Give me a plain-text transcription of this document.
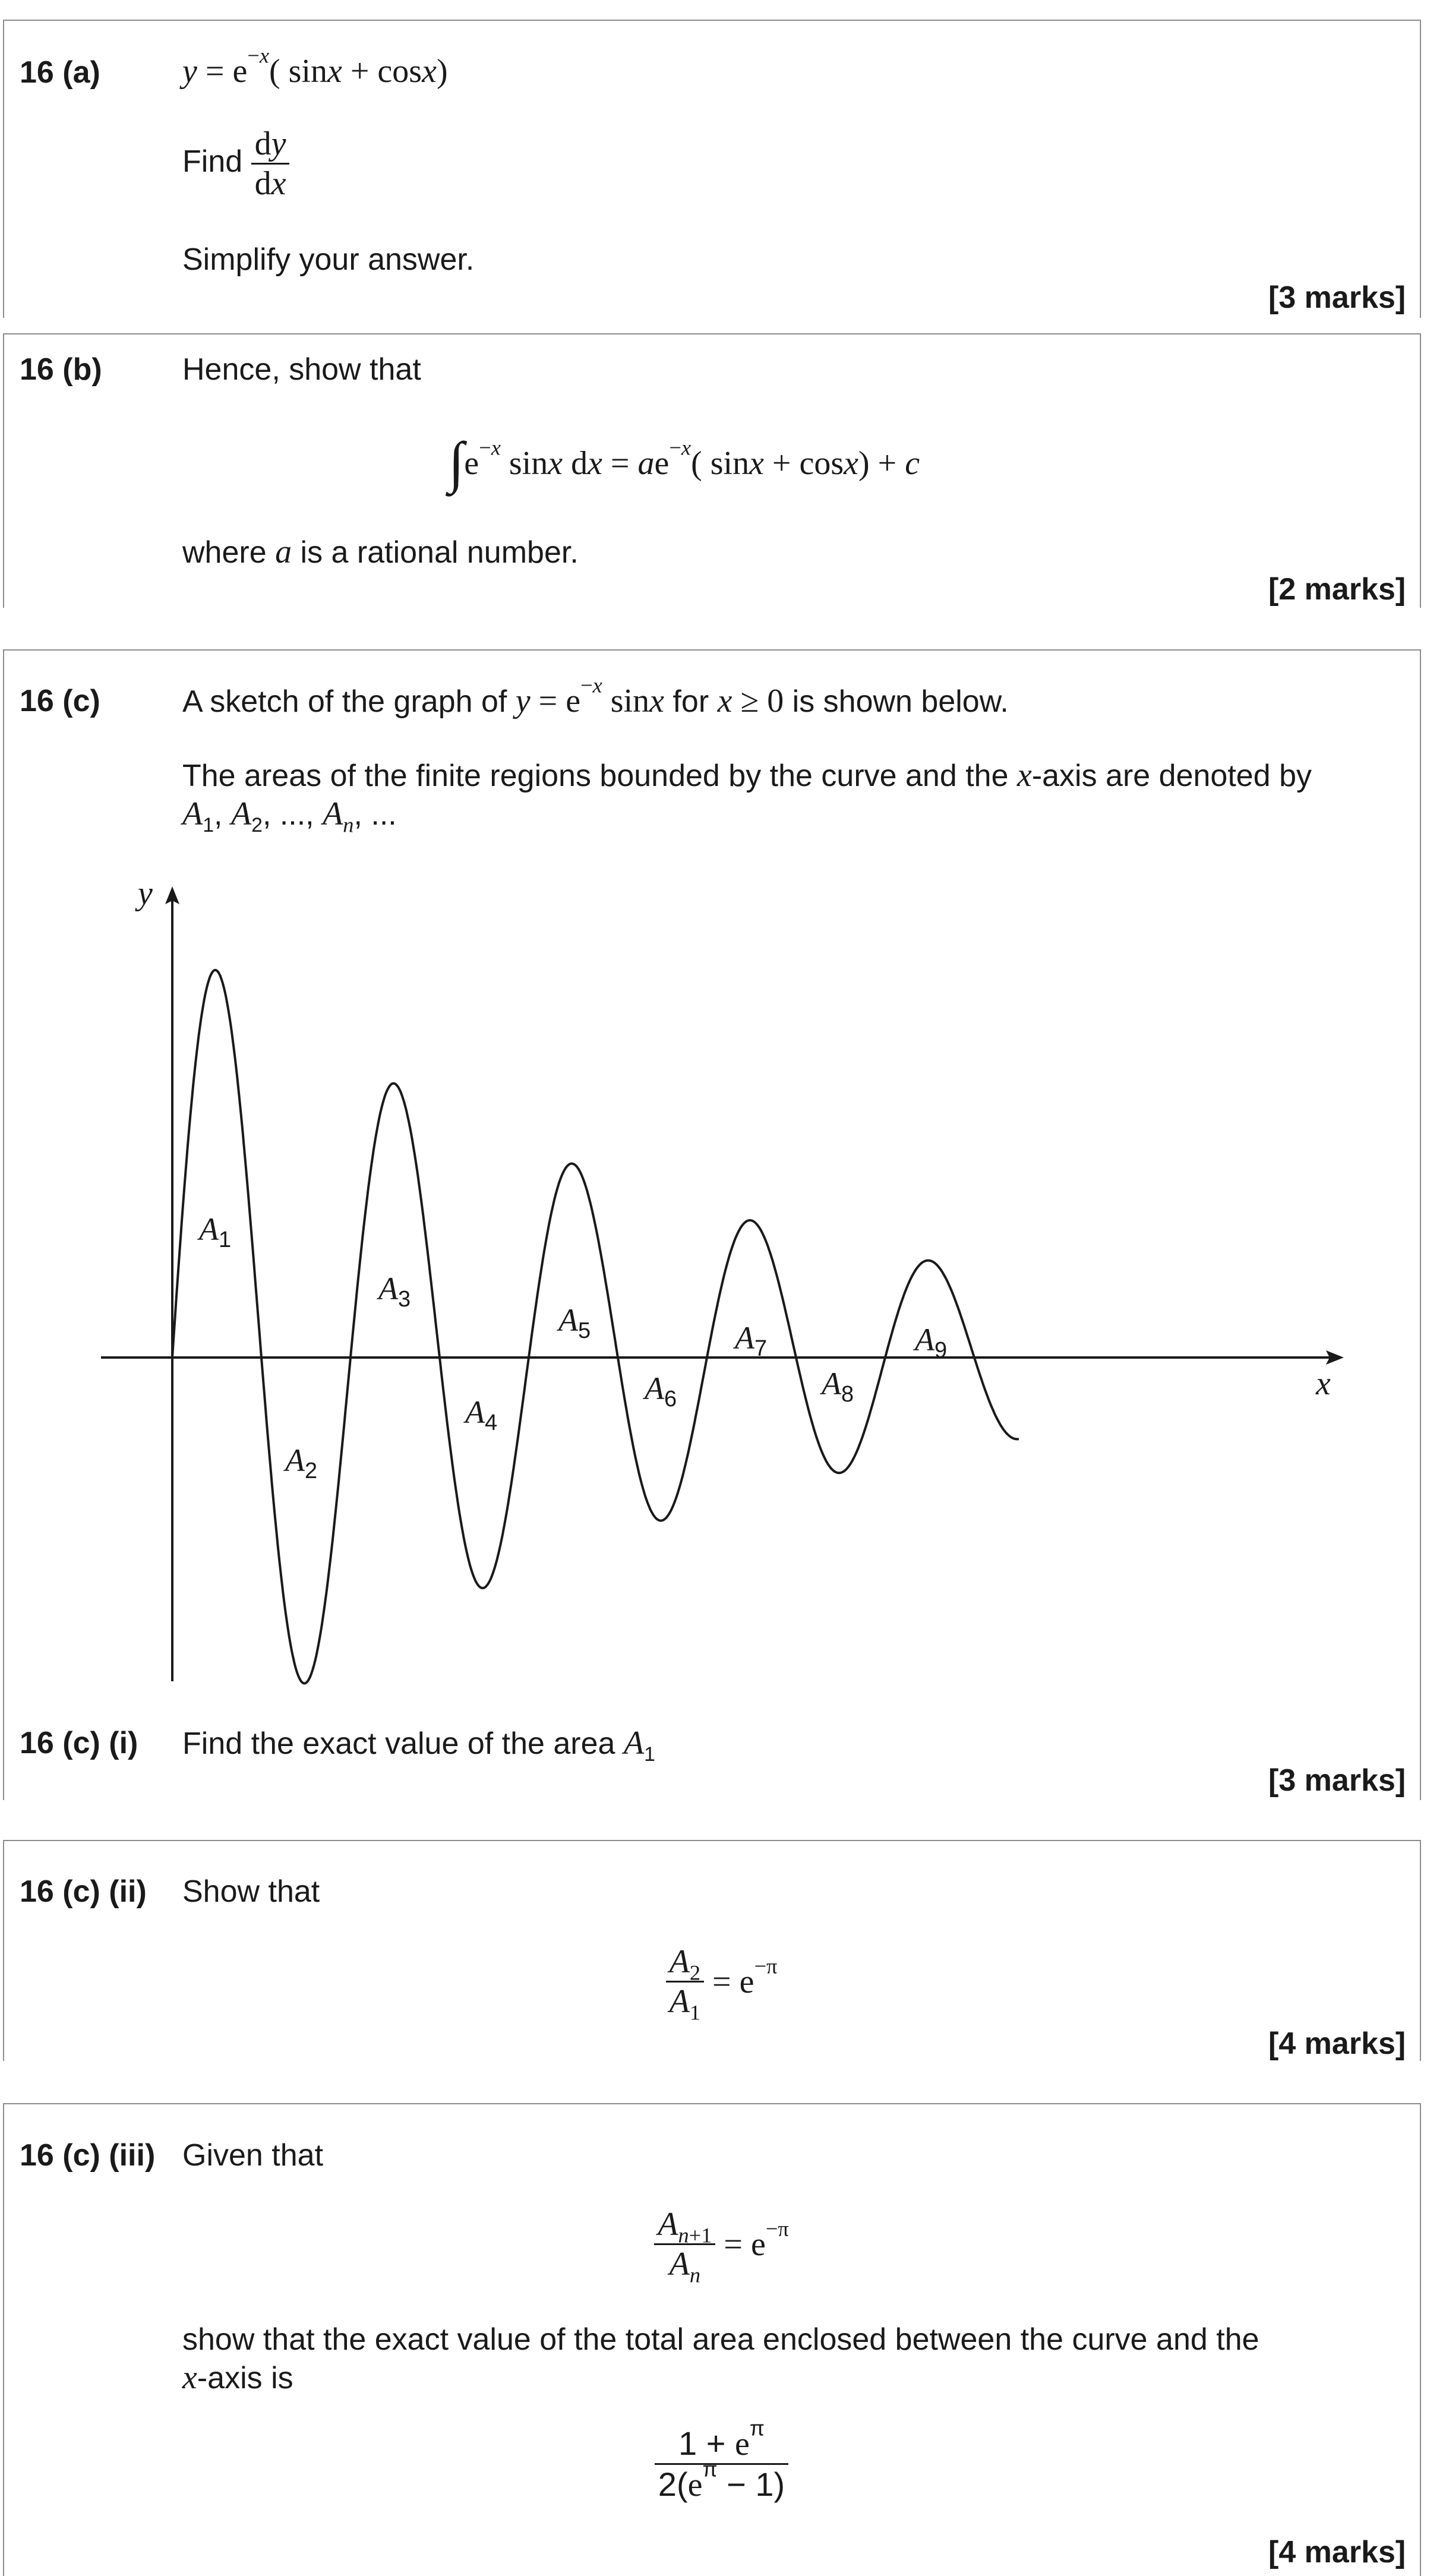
16 (a) $y = e^{-x}$( sinx + cosx)
Find $\frac{dy}{dx}$
Simplify your answer.
[3 marks]
16 (b)	Hence, show that
$\int e^{-x}$ sinx dx = $ae^{-x}$( sinx + cosx) + c
where a is a rational number.
[2 marks]
16 (c)	A sketch of the graph of $y = e^{-x}$ sinx for x ≥ 0 is shown below.
The areas of the finite regions bounded by the curve and the x-axis are denoted by
$A_1$, $A_2$, ..., $A_n$, ...
y
x
$A_1$
$A_2$
$A_3$
$A_4$
$A_5$
$A_6$
$A_7$
$A_8$
$A_9$
16 (c) (i) Find the exact value of the area $A_1$
[3 marks]
16 (c) (ii) Show that
$\frac{A_2}{A_1} = e^{-\pi}$
[4 marks]
16 (c) (iii) Given that
$\frac{A_{n+1}}{A_n} = e^{-\pi}$
show that the exact value of the total area enclosed between the curve and the
x-axis is
$\frac{1 + e^\pi}{2(e^\pi - 1)}$
[4 marks]
